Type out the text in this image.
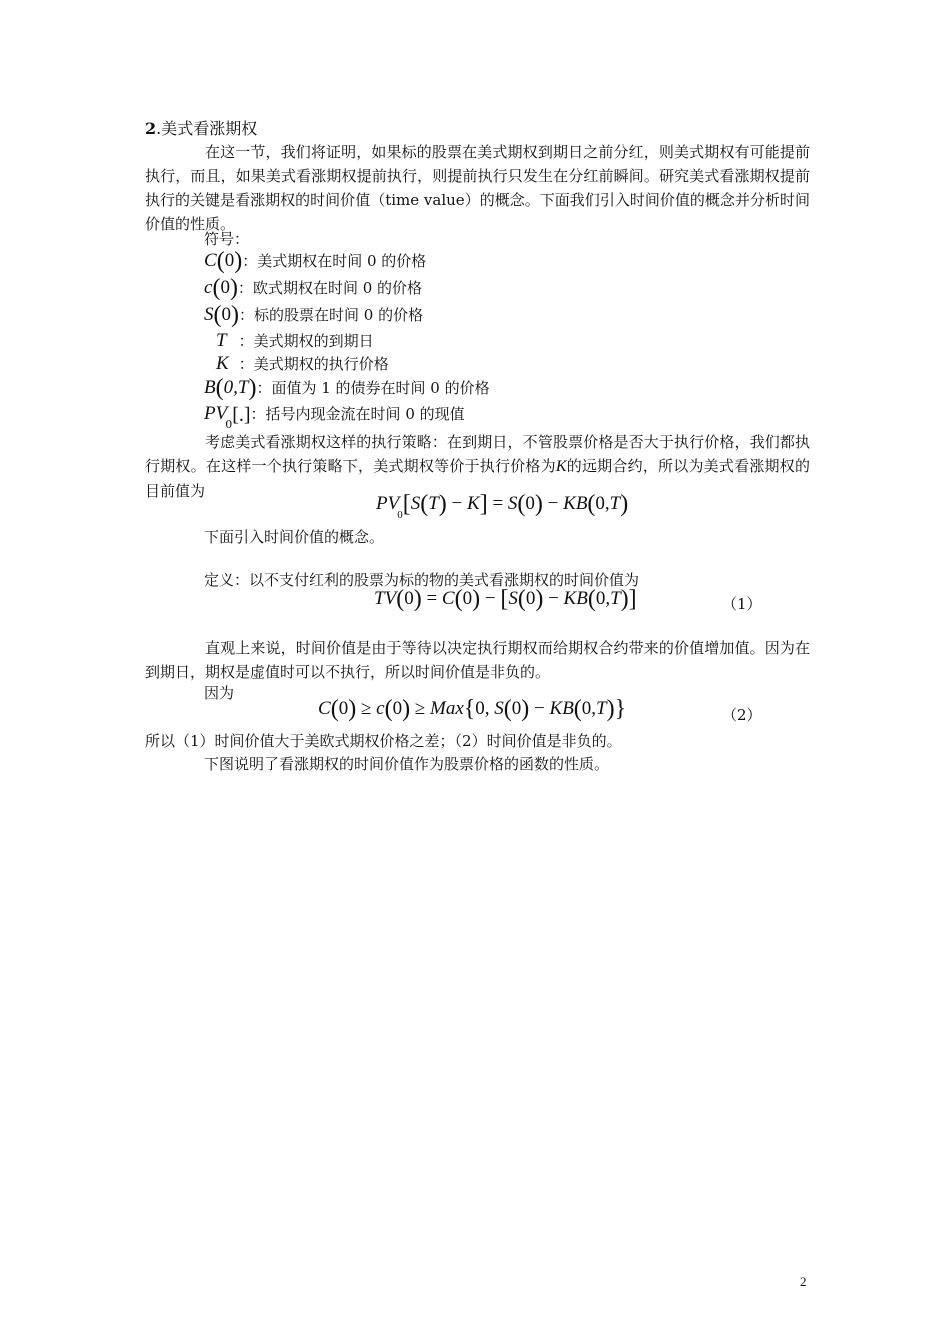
2.美式看涨期权
在这一节，我们将证明，如果标的股票在美式期权到期日之前分红，则美式期权有可能提前执行，而且，如果美式看涨期权提前执行，则提前执行只发生在分红前瞬间。研究美式看涨期权提前执行的关键是看涨期权的时间价值（time value）的概念。下面我们引入时间价值的概念并分析时间价值的性质。
符号：
C(0)：美式期权在时间 0 的价格
c(0)：欧式期权在时间 0 的价格
S(0)：标的股票在时间 0 的价格
T ：美式期权的到期日
K ：美式期权的执行价格
B(0,T)：面值为 1 的债券在时间 0 的价格
$PV_0[.]$：括号内现金流在时间 0 的现值
考虑美式看涨期权这样的执行策略：在到期日，不管股票价格是否大于执行价格，我们都执行期权。在这样一个执行策略下，美式期权等价于执行价格为K的远期合约，所以为美式看涨期权的目前值为
$PV_0[S(T) - K] = S(0) - KB(0,T)$
下面引入时间价值的概念。
定义：以不支付红利的股票为标的物的美式看涨期权的时间价值为
TV(0) = C(0) − [S(0) − KB(0,T)]	（1）
直观上来说，时间价值是由于等待以决定执行期权而给期权合约带来的价值增加值。因为在到期日，期权是虚值时可以不执行，所以时间价值是非负的。
因为
C(0) ≥ c(0) ≥ Max{0, S(0) − KB(0,T)}	（2）
所以（1）时间价值大于美欧式期权价格之差；（2）时间价值是非负的。
下图说明了看涨期权的时间价值作为股票价格的函数的性质。
2
